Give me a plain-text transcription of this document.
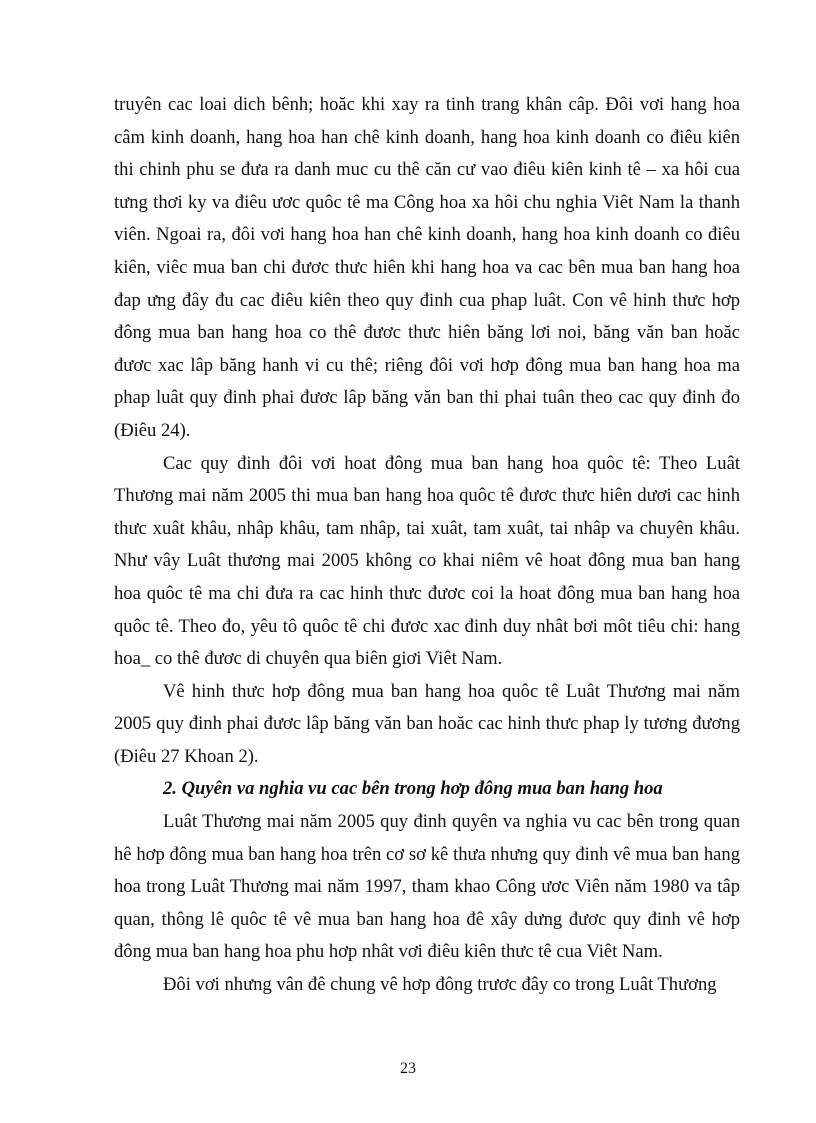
truyên cac loai dich bênh; hoăc khi xay ra tinh trang khân câp. Đôi vơi hang hoa câm kinh doanh, hang hoa han chê kinh doanh, hang hoa kinh doanh co điêu kiên thi chinh phu se đưa ra danh muc cu thê căn cư vao điêu kiên kinh tê – xa hôi cua tưng thơi ky va điêu ươc quôc tê ma Công hoa xa hôi chu nghia Viêt Nam la thanh viên. Ngoai ra, đôi vơi hang hoa han chê kinh doanh, hang hoa kinh doanh co điêu kiên, viêc mua ban chi đươc thưc hiên khi hang hoa va cac bên mua ban hang hoa đap ưng đây đu cac điêu kiên theo quy đinh cua phap luât. Con vê hinh thưc hơp đông mua ban hang hoa co thê đươc thưc hiên băng lơi noi, băng văn ban hoăc đươc xac lâp băng hanh vi cu thê; riêng đôi vơi hơp đông mua ban hang hoa ma phap luât quy đinh phai đươc lâp băng văn ban thi phai tuân theo cac quy đinh đo (Điêu 24).

Cac quy đinh đôi vơi hoat đông mua ban hang hoa quôc tê: Theo Luât Thương mai năm 2005 thi mua ban hang hoa quôc tê đươc thưc hiên dươi cac hinh thưc xuât khâu, nhâp khâu, tam nhâp, tai xuât, tam xuât, tai nhâp va chuyên khâu. Như vây Luât thương mai 2005 không co khai niêm vê hoat đông mua ban hang hoa quôc tê ma chi đưa ra cac hinh thưc đươc coi la hoat đông mua ban hang hoa quôc tê. Theo đo, yêu tô quôc tê chi đươc xac đinh duy nhât bơi môt tiêu chi: hang hoa_ co thê đươc di chuyên qua biên giơi Viêt Nam.

Vê hinh thưc hơp đông mua ban hang hoa quôc tê Luât Thương mai năm 2005 quy đinh phai đươc lâp băng văn ban hoăc cac hinh thưc phap ly tương đương (Điêu 27 Khoan 2).

2. Quyên va nghia vu cac bên trong hơp đông mua ban hang hoa

Luât Thương mai năm 2005 quy đinh quyên va nghia vu cac bên trong quan hê hơp đông mua ban hang hoa trên cơ sơ kê thưa nhưng quy đinh vê mua ban hang hoa trong Luât Thương mai năm 1997, tham khao Công ươc Viên năm 1980 va tâp quan, thông lê quôc tê vê mua ban hang hoa đê xây dưng đươc quy đinh vê hơp đông mua ban hang hoa phu hơp nhât vơi điêu kiên thưc tê cua Viêt Nam.

Đôi vơi nhưng vân đê chung vê hơp đông trươc đây co trong Luât Thương

23
